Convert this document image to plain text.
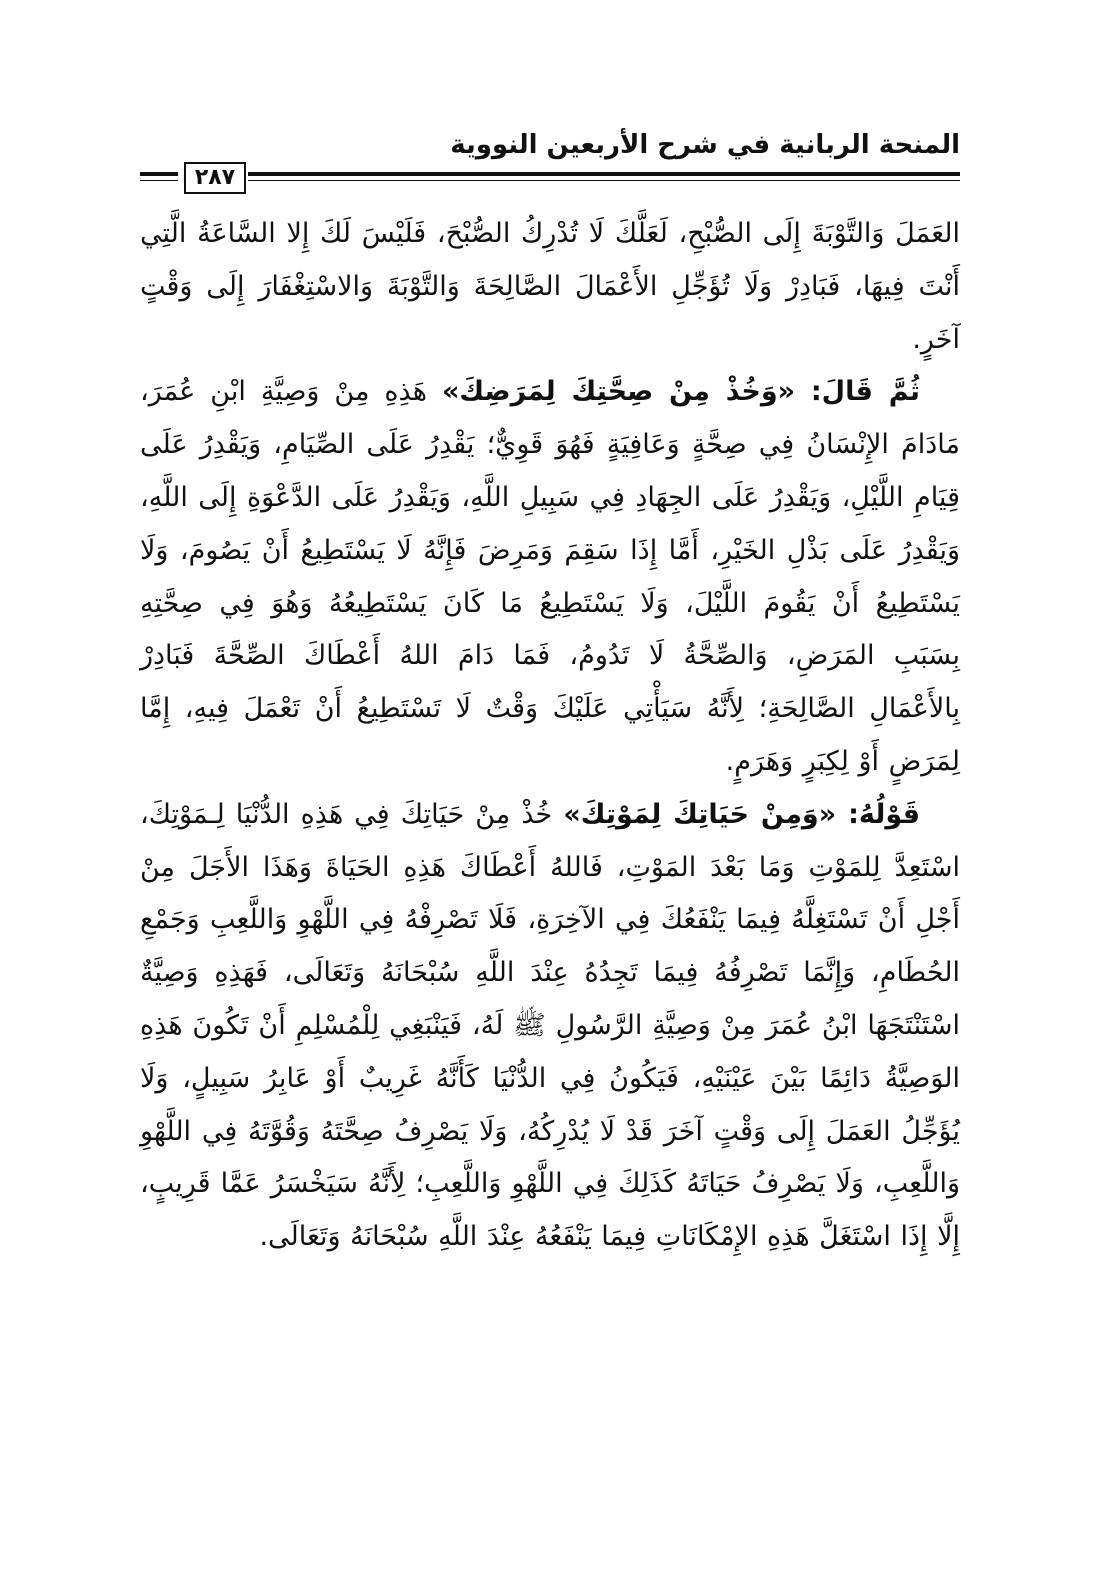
المنحة الربانية في شرح الأربعين النووية
٢٨٧

العَمَلَ وَالتَّوْبَةَ إِلَى الصُّبْحِ، لَعَلَّكَ لَا تُدْرِكُ الصُّبْحَ، فَلَيْسَ لَكَ إِلا السَّاعَةُ الَّتِي أَنْتَ فِيهَا، فَبَادِرْ وَلَا تُؤَجِّلِ الأَعْمَالَ الصَّالِحَةَ وَالتَّوْبَةَ وَالاسْتِغْفَارَ إِلَى وَقْتٍ آخَرٍ.

ثُمَّ قَالَ: «وَخُذْ مِنْ صِحَّتِكَ لِمَرَضِكَ» هَذِهِ مِنْ وَصِيَّةِ ابْنِ عُمَرَ، مَادَامَ الإِنْسَانُ فِي صِحَّةٍ وَعَافِيَةٍ فَهُوَ قَوِيٌّ؛ يَقْدِرُ عَلَى الصِّيَامِ، وَيَقْدِرُ عَلَى قِيَامِ اللَّيْلِ، وَيَقْدِرُ عَلَى الجِهَادِ فِي سَبِيلِ اللَّهِ، وَيَقْدِرُ عَلَى الدَّعْوَةِ إِلَى اللَّهِ، وَيَقْدِرُ عَلَى بَذْلِ الخَيْرِ، أَمَّا إِذَا سَقِمَ وَمَرِضَ فَإِنَّهُ لَا يَسْتَطِيعُ أَنْ يَصُومَ، وَلَا يَسْتَطِيعُ أَنْ يَقُومَ اللَّيْلَ، وَلَا يَسْتَطِيعُ مَا كَانَ يَسْتَطِيعُهُ وَهُوَ فِي صِحَّتِهِ بِسَبَبِ المَرَضِ، وَالصِّحَّةُ لَا تَدُومُ، فَمَا دَامَ اللهُ أَعْطَاكَ الصِّحَّةَ فَبَادِرْ بِالأَعْمَالِ الصَّالِحَةِ؛ لِأَنَّهُ سَيَأْتِي عَلَيْكَ وَقْتٌ لَا تَسْتَطِيعُ أَنْ تَعْمَلَ فِيهِ، إِمَّا لِمَرَضٍ أَوْ لِكِبَرٍ وَهَرَمٍ.

قَوْلُهُ: «وَمِنْ حَيَاتِكَ لِمَوْتِكَ» خُذْ مِنْ حَيَاتِكَ فِي هَذِهِ الدُّنْيَا لِـمَوْتِكَ، اسْتَعِدَّ لِلمَوْتِ وَمَا بَعْدَ المَوْتِ، فَاللهُ أَعْطَاكَ هَذِهِ الحَيَاةَ وَهَذَا الأَجَلَ مِنْ أَجْلِ أَنْ تَسْتَغِلَّهُ فِيمَا يَنْفَعُكَ فِي الآخِرَةِ، فَلَا تَصْرِفْهُ فِي اللَّهْوِ وَاللَّعِبِ وَجَمْعِ الحُطَامِ، وَإِنَّمَا تَصْرِفُهُ فِيمَا تَجِدُهُ عِنْدَ اللَّهِ سُبْحَانَهُ وَتَعَالَى، فَهَذِهِ وَصِيَّةٌ اسْتَنْتَجَهَا ابْنُ عُمَرَ مِنْ وَصِيَّةِ الرَّسُولِ ﷺ لَهُ، فَيَنْبَغِي لِلْمُسْلِمِ أَنْ تَكُونَ هَذِهِ الوَصِيَّةُ دَائِمًا بَيْنَ عَيْنَيْهِ، فَيَكُونُ فِي الدُّنْيَا كَأَنَّهُ غَرِيبٌ أَوْ عَابِرُ سَبِيلٍ، وَلَا يُؤَجِّلُ العَمَلَ إِلَى وَقْتٍ آخَرَ قَدْ لَا يُدْرِكُهُ، وَلَا يَصْرِفُ صِحَّتَهُ وَقُوَّتَهُ فِي اللَّهْوِ وَاللَّعِبِ، وَلَا يَصْرِفُ حَيَاتَهُ كَذَلِكَ فِي اللَّهْوِ وَاللَّعِبِ؛ لِأَنَّهُ سَيَخْسَرُ عَمَّا قَرِيبٍ، إِلَّا إِذَا اسْتَغَلَّ هَذِهِ الإِمْكَانَاتِ فِيمَا يَنْفَعُهُ عِنْدَ اللَّهِ سُبْحَانَهُ وَتَعَالَى.
